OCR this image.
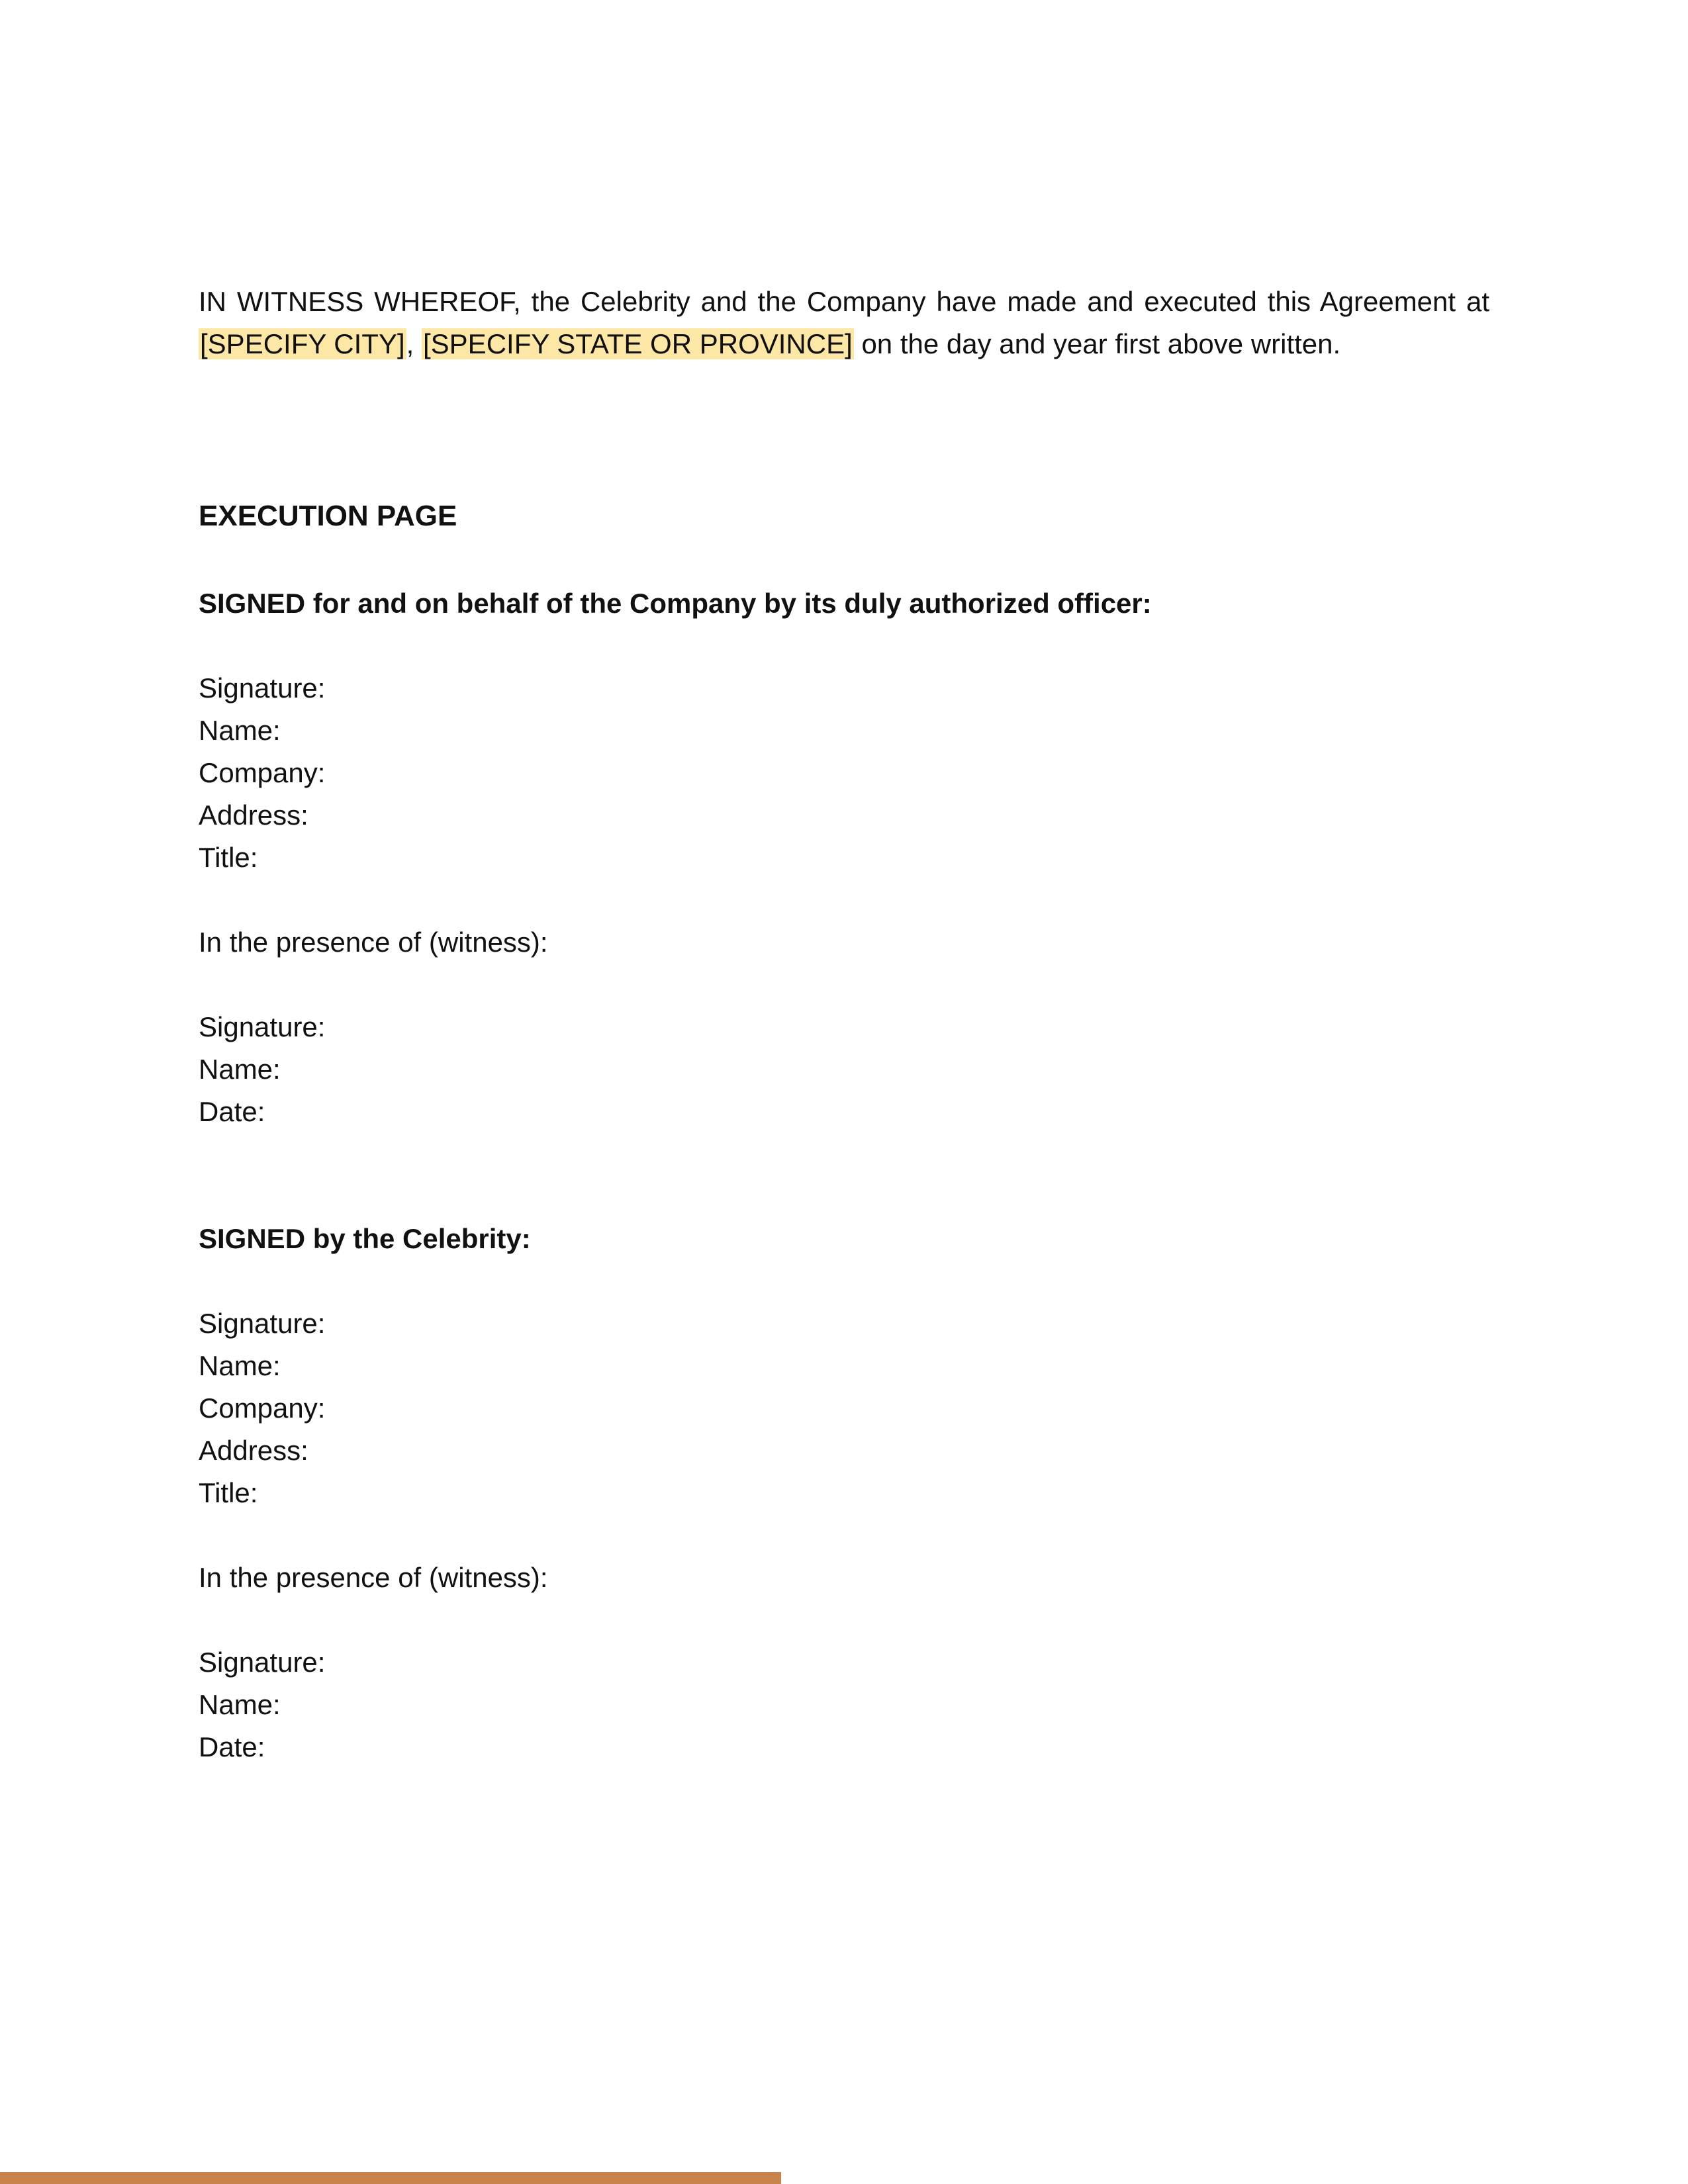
IN WITNESS WHEREOF, the Celebrity and the Company have made and executed this Agreement at [SPECIFY CITY], [SPECIFY STATE OR PROVINCE] on the day and year first above written.

EXECUTION PAGE

SIGNED for and on behalf of the Company by its duly authorized officer:

Signature:
Name:
Company:
Address:
Title:

In the presence of (witness):

Signature:
Name:
Date:

SIGNED by the Celebrity:

Signature:
Name:
Company:
Address:
Title:

In the presence of (witness):

Signature:
Name:
Date:
